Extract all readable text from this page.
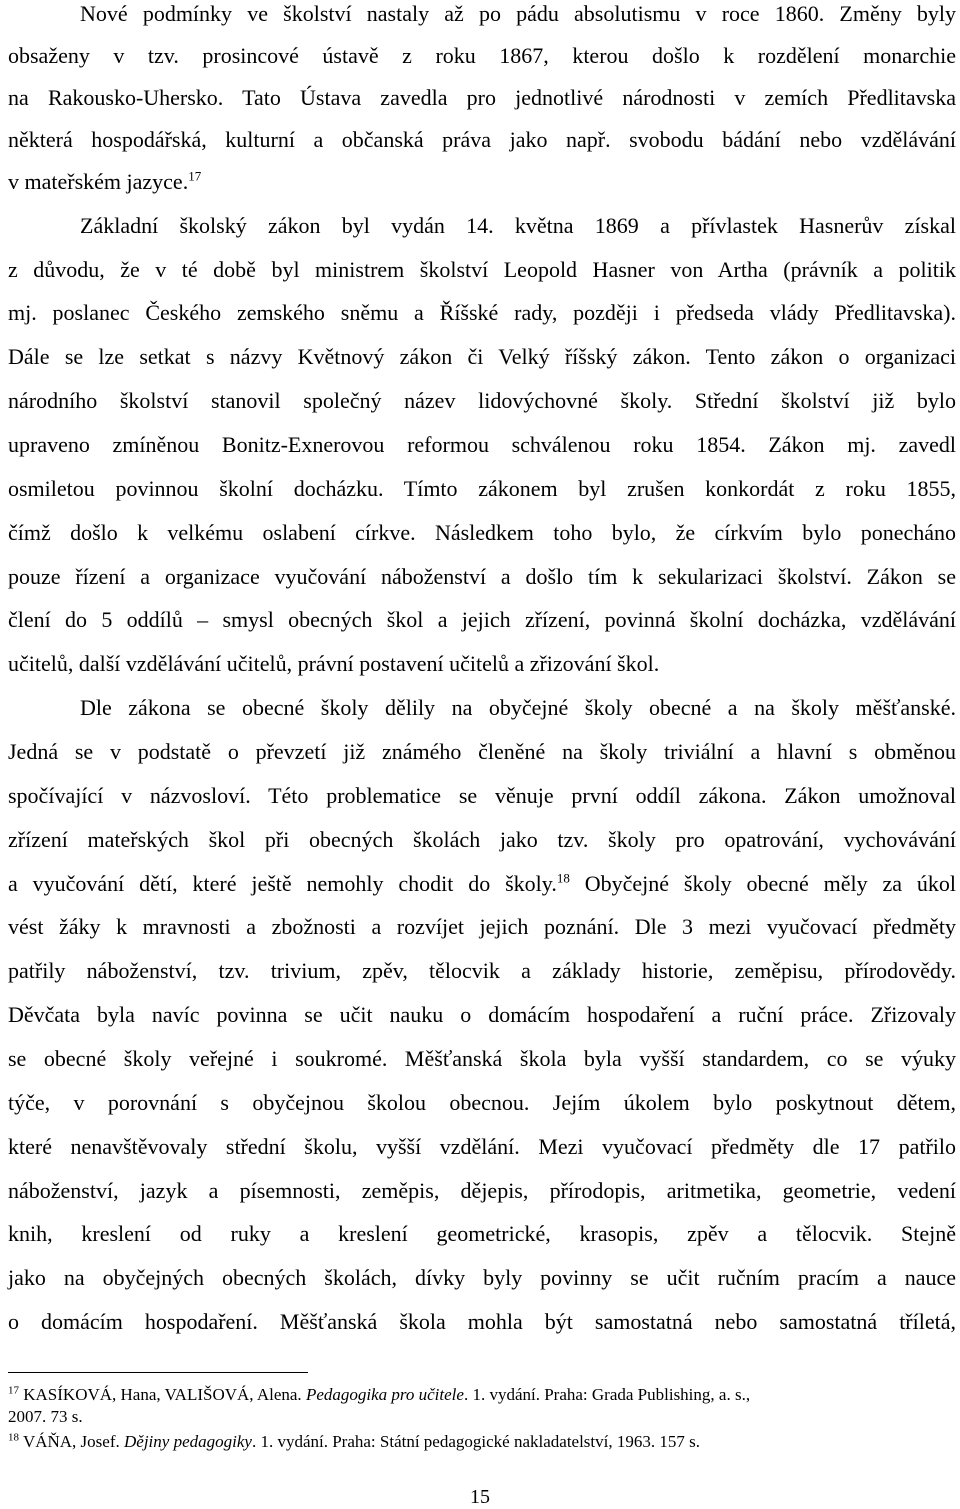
Nové podmínky ve školství nastaly až po pádu absolutismu v roce 1860. Změny byly
obsaženy v tzv. prosincové ústavě z roku 1867, kterou došlo k rozdělení monarchie
na Rakousko-Uhersko. Tato Ústava zavedla pro jednotlivé národnosti v zemích Předlitavska
některá hospodářská, kulturní a občanská práva jako např. svobodu bádání nebo vzdělávání
v mateřském jazyce.$^{17}$
Základní školský zákon byl vydán 14. května 1869 a přívlastek Hasnerův získal
z důvodu, že v té době byl ministrem školství Leopold Hasner von Artha (právník a politik
mj. poslanec Českého zemského sněmu a Říšské rady, později i předseda vlády Předlitavska).
Dále se lze setkat s názvy Květnový zákon či Velký říšský zákon. Tento zákon o organizaci
národního školství stanovil společný název lidovýchovné školy. Střední školství již bylo
upraveno zmíněnou Bonitz-Exnerovou reformou schválenou roku 1854. Zákon mj. zavedl
osmiletou povinnou školní docházku. Tímto zákonem byl zrušen konkordát z roku 1855,
čímž došlo k velkému oslabení církve. Následkem toho bylo, že církvím bylo ponecháno
pouze řízení a organizace vyučování náboženství a došlo tím k sekularizaci školství. Zákon se
člení do 5 oddílů – smysl obecných škol a jejich zřízení, povinná školní docházka, vzdělávání
učitelů, další vzdělávání učitelů, právní postavení učitelů a zřizování škol.
Dle zákona se obecné školy dělily na obyčejné školy obecné a na školy měšťanské.
Jedná se v podstatě o převzetí již známého členěné na školy triviální a hlavní s obměnou
spočívající v názvosloví. Této problematice se věnuje první oddíl zákona. Zákon umožnoval
zřízení mateřských škol při obecných školách jako tzv. školy pro opatrování, vychovávání
a vyučování dětí, které ještě nemohly chodit do školy.$^{18}$ Obyčejné školy obecné měly za úkol
vést žáky k mravnosti a zbožnosti a rozvíjet jejich poznání. Dle 3 mezi vyučovací předměty
patřily náboženství, tzv. trivium, zpěv, tělocvik a základy historie, zeměpisu, přírodovědy.
Děvčata byla navíc povinna se učit nauku o domácím hospodaření a ruční práce. Zřizovaly
se obecné školy veřejné i soukromé. Měšťanská škola byla vyšší standardem, co se výuky
týče, v porovnání s obyčejnou školou obecnou. Jejím úkolem bylo poskytnout dětem,
které nenavštěvovaly střední školu, vyšší vzdělání. Mezi vyučovací předměty dle 17 patřilo
náboženství, jazyk a písemnosti, zeměpis, dějepis, přírodopis, aritmetika, geometrie, vedení
knih, kreslení od ruky a kreslení geometrické, krasopis, zpěv a tělocvik. Stejně
jako na obyčejných obecných školách, dívky byly povinny se učit ručním pracím a nauce
o domácím hospodaření. Měšťanská škola mohla být samostatná nebo samostatná tříletá,
$^{17}$ KASÍKOVÁ, Hana, VALIŠOVÁ, Alena. Pedagogika pro učitele. 1. vydání. Praha: Grada Publishing, a. s.,
2007. 73 s.
$^{18}$ VÁŇA, Josef. Dějiny pedagogiky. 1. vydání. Praha: Státní pedagogické nakladatelství, 1963. 157 s.
15
